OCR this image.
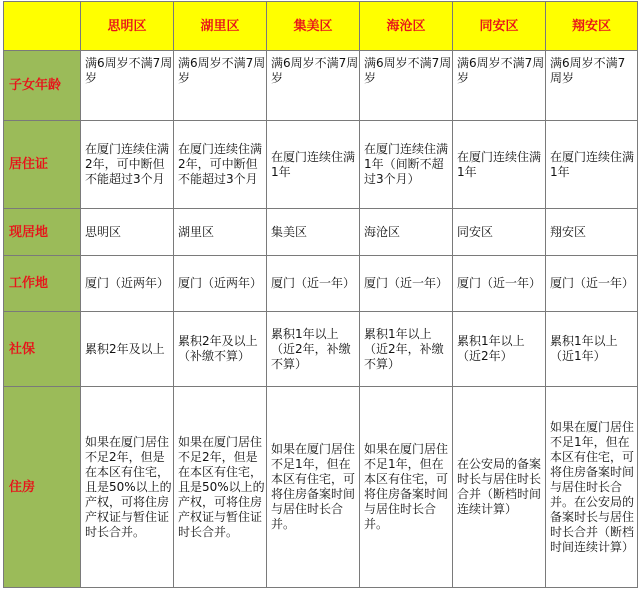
	思明区	湖里区	集美区	海沧区	同安区	翔安区
子女年龄	满6周岁不满7周岁	满6周岁不满7周岁	满6周岁不满7周岁	满6周岁不满7周岁	满6周岁不满7周岁	满6周岁不满7周岁
居住证	在厦门连续住满2年，可中断但不能超过3个月	在厦门连续住满2年，可中断但不能超过3个月	在厦门连续住满1年	在厦门连续住满1年（间断不超过3个月）	在厦门连续住满1年	在厦门连续住满1年
现居地	思明区	湖里区	集美区	海沧区	同安区	翔安区
工作地	厦门（近两年）	厦门（近两年）	厦门（近一年）	厦门（近一年）	厦门（近一年）	厦门（近一年）
社保	累积2年及以上	累积2年及以上（补缴不算）	累积1年以上（近2年，补缴不算）	累积1年以上（近2年，补缴不算）	累积1年以上（近2年）	累积1年以上（近1年）
住房	如果在厦门居住不足2年，但是在本区有住宅，且是50%以上的产权，可将住房产权证与暂住证时长合并。	如果在厦门居住不足2年，但是在本区有住宅，且是50%以上的产权，可将住房产权证与暂住证时长合并。	如果在厦门居住不足1年，但在本区有住宅，可将住房备案时间与居住时长合并。	如果在厦门居住不足1年，但在本区有住宅，可将住房备案时间与居住时长合并。	在公安局的备案时长与居住时长合并（断档时间连续计算）	如果在厦门居住不足1年，但在本区有住宅，可将住房备案时间与居住时长合并。在公安局的备案时长与居住时长合并（断档时间连续计算）
